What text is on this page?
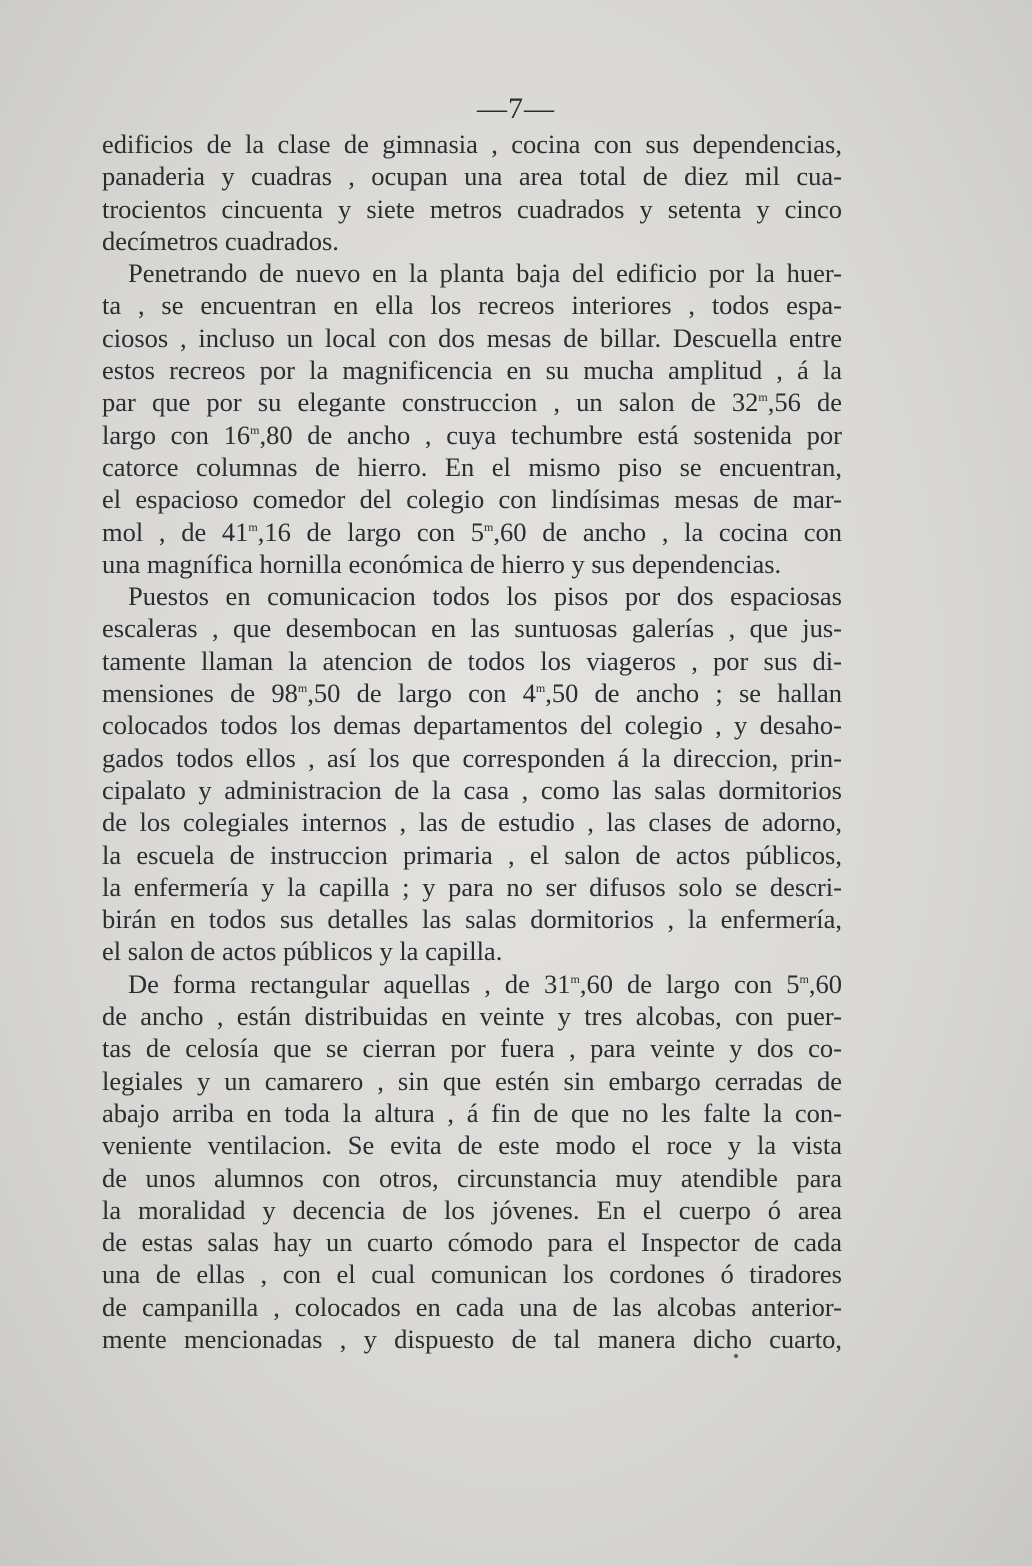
—7—
edificios de la clase de gimnasia , cocina con sus dependencias,
panaderia y cuadras , ocupan una area total de diez mil cua-
trocientos cincuenta y siete metros cuadrados y setenta y cinco
decímetros cuadrados.
Penetrando de nuevo en la planta baja del edificio por la huer-
ta , se encuentran en ella los recreos interiores , todos espa-
ciosos , incluso un local con dos mesas de billar. Descuella entre
estos recreos por la magnificencia en su mucha amplitud , á la
par que por su elegante construccion , un salon de 32$^m$,56 de
largo con 16$^m$,80 de ancho , cuya techumbre está sostenida por
catorce columnas de hierro. En el mismo piso se encuentran,
el espacioso comedor del colegio con lindísimas mesas de mar-
mol , de 41$^m$,16 de largo con 5$^m$,60 de ancho , la cocina con
una magnífica hornilla económica de hierro y sus dependencias.
Puestos en comunicacion todos los pisos por dos espaciosas
escaleras , que desembocan en las suntuosas galerías , que jus-
tamente llaman la atencion de todos los viageros , por sus di-
mensiones de 98$^m$,50 de largo con 4$^m$,50 de ancho ; se hallan
colocados todos los demas departamentos del colegio , y desaho-
gados todos ellos , así los que corresponden á la direccion, prin-
cipalato y administracion de la casa , como las salas dormitorios
de los colegiales internos , las de estudio , las clases de adorno,
la escuela de instruccion primaria , el salon de actos públicos,
la enfermería y la capilla ; y para no ser difusos solo se descri-
birán en todos sus detalles las salas dormitorios , la enfermería,
el salon de actos públicos y la capilla.
De forma rectangular aquellas , de 31$^m$,60 de largo con 5$^m$,60
de ancho , están distribuidas en veinte y tres alcobas, con puer-
tas de celosía que se cierran por fuera , para veinte y dos co-
legiales y un camarero , sin que estén sin embargo cerradas de
abajo arriba en toda la altura , á fin de que no les falte la con-
veniente ventilacion. Se evita de este modo el roce y la vista
de unos alumnos con otros, circunstancia muy atendible para
la moralidad y decencia de los jóvenes. En el cuerpo ó area
de estas salas hay un cuarto cómodo para el Inspector de cada
una de ellas , con el cual comunican los cordones ó tiradores
de campanilla , colocados en cada una de las alcobas anterior-
mente mencionadas , y dispuesto de tal manera dicho cuarto,
